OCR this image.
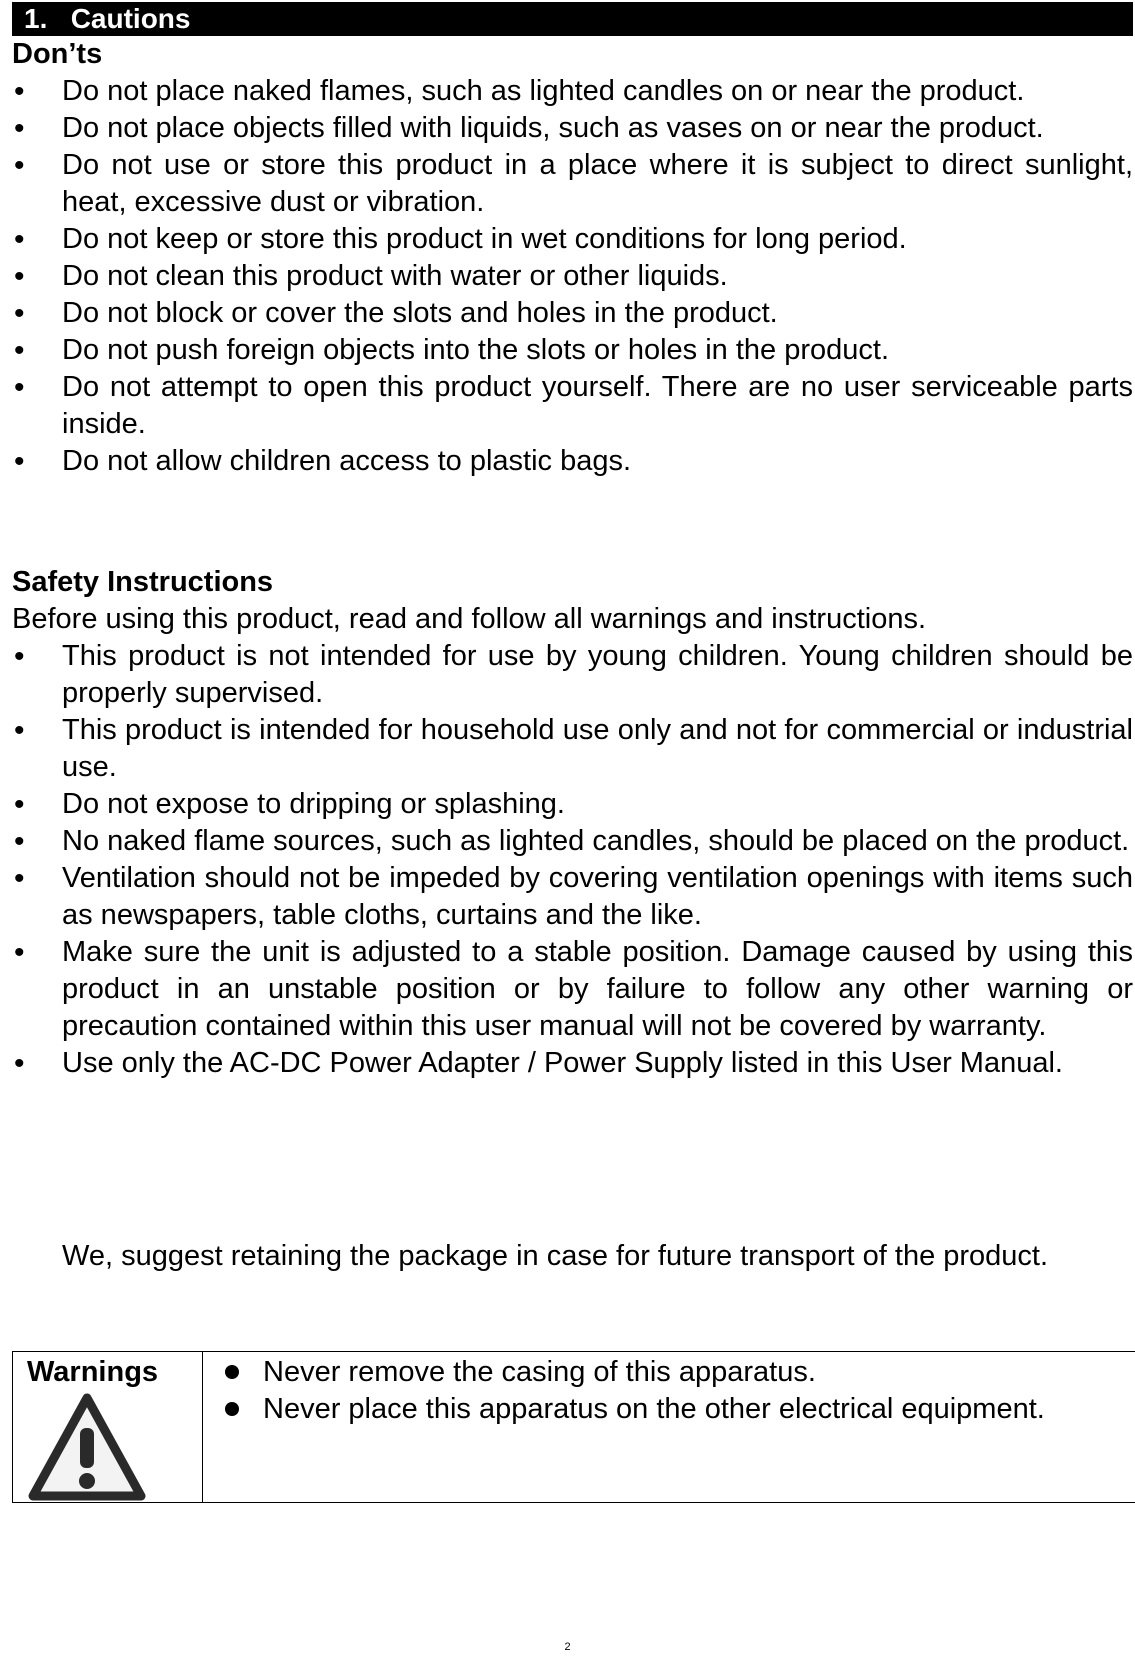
1. Cautions
Don’ts
• Do not place naked flames, such as lighted candles on or near the product.
• Do not place objects filled with liquids, such as vases on or near the product.
• Do not use or store this product in a place where it is subject to direct sunlight, heat, excessive dust or vibration.
• Do not keep or store this product in wet conditions for long period.
• Do not clean this product with water or other liquids.
• Do not block or cover the slots and holes in the product.
• Do not push foreign objects into the slots or holes in the product.
• Do not attempt to open this product yourself. There are no user serviceable parts inside.
• Do not allow children access to plastic bags.
Safety Instructions

Before using this product, read and follow all warnings and instructions.

• This product is not intended for use by young children. Young children should be properly supervised.
• This product is intended for household use only and not for commercial or industrial use.
• Do not expose to dripping or splashing.
• No naked flame sources, such as lighted candles, should be placed on the product.
• Ventilation should not be impeded by covering ventilation openings with items such as newspapers, table cloths, curtains and the like.
• Make sure the unit is adjusted to a stable position. Damage caused by using this product in an unstable position or by failure to follow any other warning or precaution contained within this user manual will not be covered by warranty.
• Use only the AC-DC Power Adapter / Power Supply listed in this User Manual.

We, suggest retaining the package in case for future transport of the product.

Warnings	Never remove the casing of this apparatus.
Never place this apparatus on the other electrical equipment.
2
